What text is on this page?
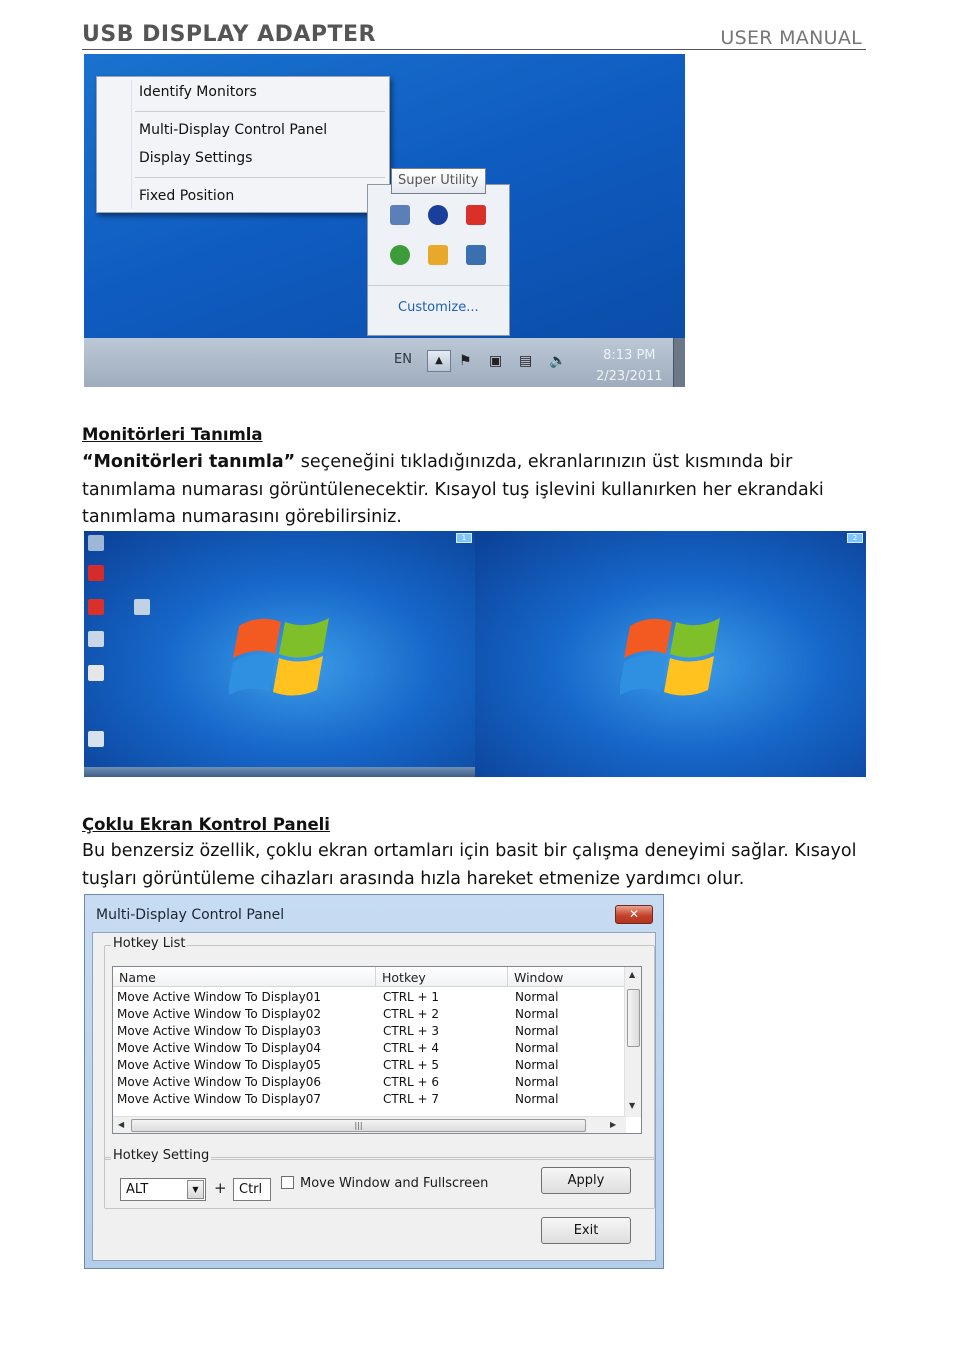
USB DISPLAY ADAPTER	USER MANUAL
Identify Monitors
Multi-Display Control Panel
Display Settings
Fixed Position
Customize...
Super Utility
EN	▲	⚑ ▣ ▤ 🔈	8:13 PM
2/23/2011
Monitörleri Tanımla
“Monitörleri tanımla” seçeneğini tıkladığınızda, ekranlarınızın üst kısmında bir
tanımlama numarası görüntülenecektir. Kısayol tuş işlevini kullanırken her ekrandaki
tanımlama numarasını görebilirsiniz.
1	2
Çoklu Ekran Kontrol Paneli
Bu benzersiz özellik, çoklu ekran ortamları için basit bir çalışma deneyimi sağlar. Kısayol
tuşları görüntüleme cihazları arasında hızla hareket etmenize yardımcı olur.
Multi-Display Control Panel	✕
Hotkey List
Name	Hotkey	Window
Move Active Window To Display01	CTRL + 1	Normal
Move Active Window To Display02	CTRL + 2	Normal
Move Active Window To Display03	CTRL + 3	Normal
Move Active Window To Display04	CTRL + 4	Normal
Move Active Window To Display05	CTRL + 5	Normal
Move Active Window To Display06	CTRL + 6	Normal
Move Active Window To Display07	CTRL + 7	Normal
▲
▼
◀	|||	▶
Hotkey Setting
ALT	▼	+ Ctrl	Move Window and Fullscreen	Apply
Exit
